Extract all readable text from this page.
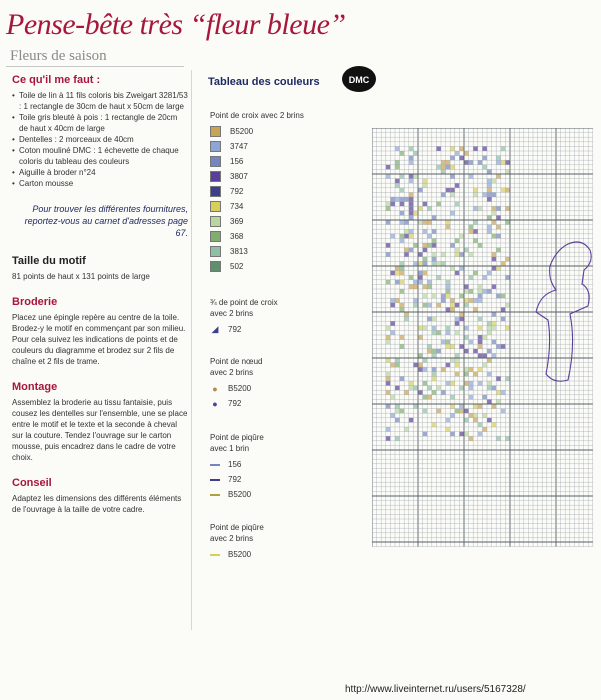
Pense-bête très “fleur bleue”
Fleurs de saison
Ce qu'il me faut :
• Toile de lin à 11 fils coloris bis Zweigart 3281/53 : 1 rectangle de 30cm de haut x 50cm de large
• Toile gris bleuté à pois : 1 rectangle de 20cm de haut x 40cm de large
• Dentelles : 2 morceaux de 40cm
• Coton mouliné DMC : 1 échevette de chaque coloris du tableau des couleurs
• Aiguille à broder n°24
• Carton mousse
Pour trouver les différentes fournitures, reportez-vous au carnet d'adresses page 67.
Taille du motif
81 points de haut x 131 points de large
Broderie
Placez une épingle repère au centre de la toile. Brodez-y le motif en commençant par son milieu. Pour cela suivez les indications de points et de couleurs du diagramme et brodez sur 2 fils de chaîne et 2 fils de trame.
Montage
Assemblez la broderie au tissu fantaisie, puis cousez les dentelles sur l'ensemble, une se place entre le motif et le texte et la seconde à cheval sur la couture. Tendez l'ouvrage sur le carton mousse, puis encadrez dans le cadre de votre choix.
Conseil
Adaptez les dimensions des différents éléments de l'ouvrage à la taille de votre cadre.
Tableau des couleurs	DMC
Point de croix avec 2 brins
B5200
3747
156
3807
792
734
369
368
3813
502
¾ de point de croix avec 2 brins
◢ 792
Point de nœud avec 2 brins
● B5200
● 792
Point de piqûre avec 1 brin
156
792
B5200
Point de piqûre avec 2 brins
B5200
http://www.liveinternet.ru/users/5167328/
